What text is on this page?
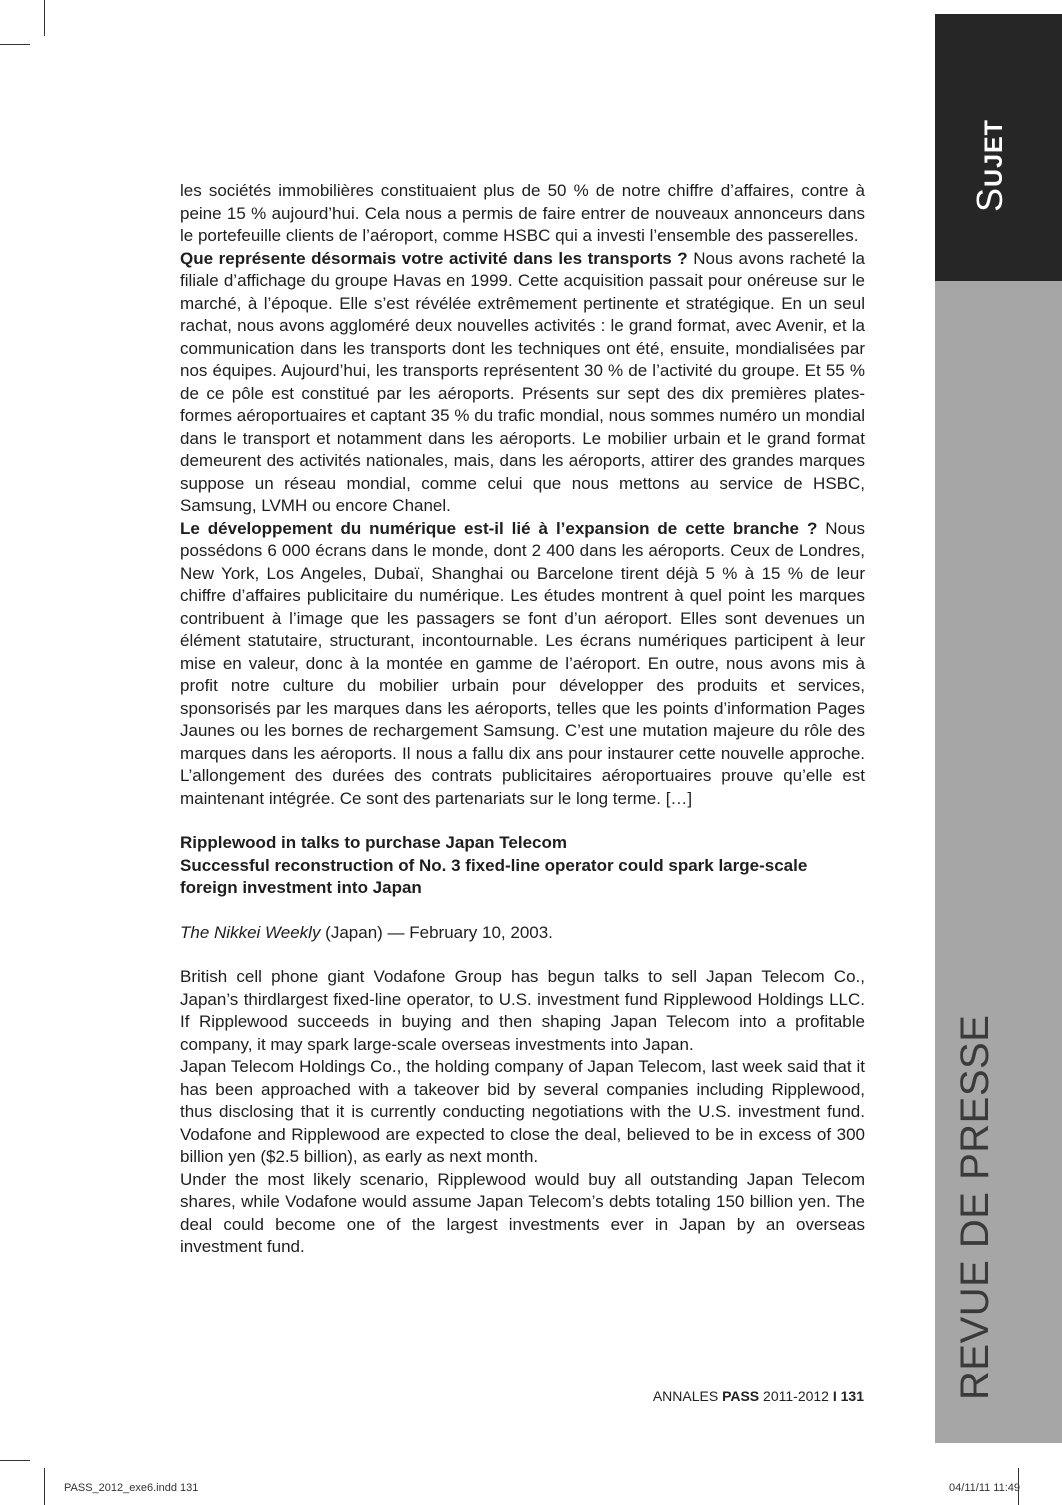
Sujet
REVUE DE PRESSE

les sociétés immobilières constituaient plus de 50 % de notre chiffre d’affaires, contre à peine 15 % aujourd’hui. Cela nous a permis de faire entrer de nouveaux annonceurs dans le portefeuille clients de l’aéroport, comme HSBC qui a investi l’ensemble des passerelles.

Que représente désormais votre activité dans les transports ? Nous avons racheté la filiale d’affichage du groupe Havas en 1999. Cette acquisition passait pour onéreuse sur le marché, à l’époque. Elle s’est révélée extrêmement pertinente et stratégique. En un seul rachat, nous avons aggloméré deux nouvelles activités : le grand format, avec Avenir, et la communication dans les transports dont les techniques ont été, ensuite, mondialisées par nos équipes. Aujourd’hui, les transports représentent 30 % de l’activité du groupe. Et 55 % de ce pôle est constitué par les aéroports. Présents sur sept des dix premières plates-formes aéroportuaires et captant 35 % du trafic mondial, nous sommes numéro un mondial dans le transport et notamment dans les aéroports. Le mobilier urbain et le grand format demeurent des activités nationales, mais, dans les aéroports, attirer des grandes marques suppose un réseau mondial, comme celui que nous mettons au service de HSBC, Samsung, LVMH ou encore Chanel.

Le développement du numérique est-il lié à l’expansion de cette branche ? Nous possédons 6 000 écrans dans le monde, dont 2 400 dans les aéroports. Ceux de Londres, New York, Los Angeles, Dubaï, Shanghai ou Barcelone tirent déjà 5 % à 15 % de leur chiffre d’affaires publicitaire du numérique. Les études montrent à quel point les marques contribuent à l’image que les passagers se font d’un aéroport. Elles sont devenues un élément statutaire, structurant, incontournable. Les écrans numériques participent à leur mise en valeur, donc à la montée en gamme de l’aéroport. En outre, nous avons mis à profit notre culture du mobilier urbain pour développer des produits et services, sponsorisés par les marques dans les aéroports, telles que les points d’information Pages Jaunes ou les bornes de rechargement Samsung. C’est une mutation majeure du rôle des marques dans les aéroports. Il nous a fallu dix ans pour instaurer cette nouvelle approche. L’allongement des durées des contrats publicitaires aéroportuaires prouve qu’elle est maintenant intégrée. Ce sont des partenariats sur le long terme. […]

Ripplewood in talks to purchase Japan Telecom
Successful reconstruction of No. 3 fixed-line operator could spark large-scale foreign investment into Japan

The Nikkei Weekly (Japan) — February 10, 2003.

British cell phone giant Vodafone Group has begun talks to sell Japan Telecom Co., Japan’s thirdlargest fixed-line operator, to U.S. investment fund Ripplewood Holdings LLC. If Ripplewood succeeds in buying and then shaping Japan Telecom into a profitable company, it may spark large-scale overseas investments into Japan.

Japan Telecom Holdings Co., the holding company of Japan Telecom, last week said that it has been approached with a takeover bid by several companies including Ripplewood, thus disclosing that it is currently conducting negotiations with the U.S. investment fund. Vodafone and Ripplewood are expected to close the deal, believed to be in excess of 300 billion yen ($2.5 billion), as early as next month.

Under the most likely scenario, Ripplewood would buy all outstanding Japan Telecom shares, while Vodafone would assume Japan Telecom’s debts totaling 150 billion yen. The deal could become one of the largest investments ever in Japan by an overseas investment fund.

ANNALES PASS 2011-2012 I 131
PASS_2012_exe6.indd 131	04/11/11 11:49
